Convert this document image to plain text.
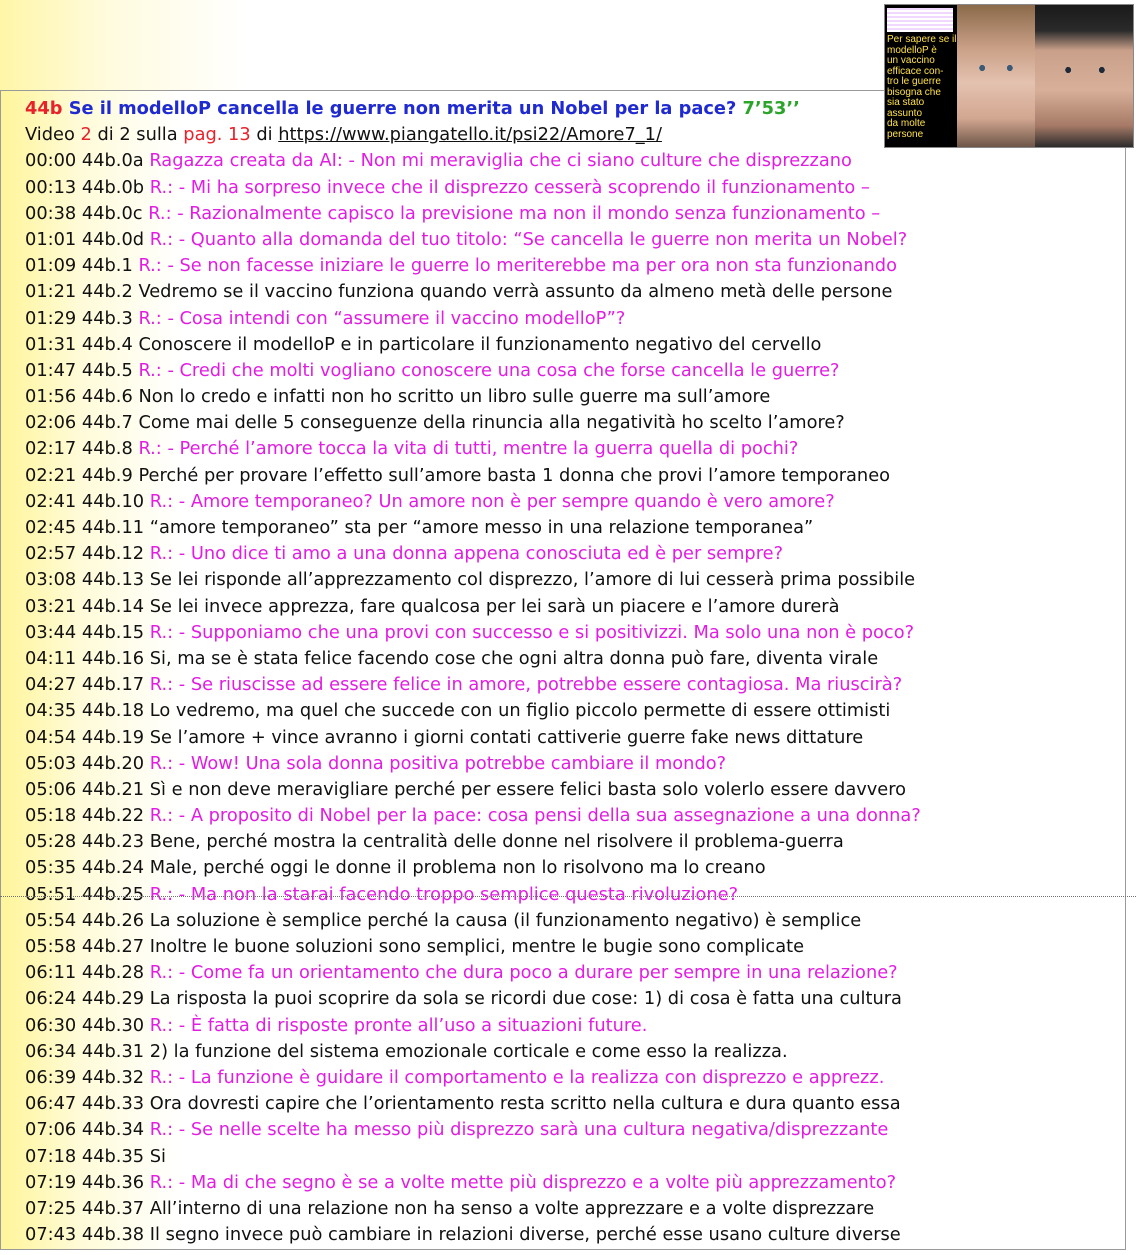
Per sapere se il
modelloP è
un vaccino
efficace con-
tro le guerre
bisogna che
sia stato
assunto
da molte
persone
44b Se il modelloP cancella le guerre non merita un Nobel per la pace? 7’53’’
Video 2 di 2 sulla pag. 13 di https://www.piangatello.it/psi22/Amore7_1/
00:00 44b.0a Ragazza creata da AI: - Non mi meraviglia che ci siano culture che disprezzano
00:13 44b.0b R.: - Mi ha sorpreso invece che il disprezzo cesserà scoprendo il funzionamento –
00:38 44b.0c R.: - Razionalmente capisco la previsione ma non il mondo senza funzionamento –
01:01 44b.0d R.: - Quanto alla domanda del tuo titolo: “Se cancella le guerre non merita un Nobel?
01:09 44b.1 R.: - Se non facesse iniziare le guerre lo meriterebbe ma per ora non sta funzionando
01:21 44b.2 Vedremo se il vaccino funziona quando verrà assunto da almeno metà delle persone
01:29 44b.3 R.: - Cosa intendi con “assumere il vaccino modelloP”?
01:31 44b.4 Conoscere il modelloP e in particolare il funzionamento negativo del cervello
01:47 44b.5 R.: - Credi che molti vogliano conoscere una cosa che forse cancella le guerre?
01:56 44b.6 Non lo credo e infatti non ho scritto un libro sulle guerre ma sull’amore
02:06 44b.7 Come mai delle 5 conseguenze della rinuncia alla negatività ho scelto l’amore?
02:17 44b.8 R.: - Perché l’amore tocca la vita di tutti, mentre la guerra quella di pochi?
02:21 44b.9 Perché per provare l’effetto sull’amore basta 1 donna che provi l’amore temporaneo
02:41 44b.10 R.: - Amore temporaneo? Un amore non è per sempre quando è vero amore?
02:45 44b.11 “amore temporaneo” sta per “amore messo in una relazione temporanea”
02:57 44b.12 R.: - Uno dice ti amo a una donna appena conosciuta ed è per sempre?
03:08 44b.13 Se lei risponde all’apprezzamento col disprezzo, l’amore di lui cesserà prima possibile
03:21 44b.14 Se lei invece apprezza, fare qualcosa per lei sarà un piacere e l’amore durerà
03:44 44b.15 R.: - Supponiamo che una provi con successo e si positivizzi. Ma solo una non è poco?
04:11 44b.16 Si, ma se è stata felice facendo cose che ogni altra donna può fare, diventa virale
04:27 44b.17 R.: - Se riuscisse ad essere felice in amore, potrebbe essere contagiosa. Ma riuscirà?
04:35 44b.18 Lo vedremo, ma quel che succede con un figlio piccolo permette di essere ottimisti
04:54 44b.19 Se l’amore + vince avranno i giorni contati cattiverie guerre fake news dittature
05:03 44b.20 R.: - Wow! Una sola donna positiva potrebbe cambiare il mondo?
05:06 44b.21 Sì e non deve meravigliare perché per essere felici basta solo volerlo essere davvero
05:18 44b.22 R.: - A proposito di Nobel per la pace: cosa pensi della sua assegnazione a una donna?
05:28 44b.23 Bene, perché mostra la centralità delle donne nel risolvere il problema-guerra
05:35 44b.24 Male, perché oggi le donne il problema non lo risolvono ma lo creano
05:51 44b.25 R.: - Ma non la starai facendo troppo semplice questa rivoluzione?
05:54 44b.26 La soluzione è semplice perché la causa (il funzionamento negativo) è semplice
05:58 44b.27 Inoltre le buone soluzioni sono semplici, mentre le bugie sono complicate
06:11 44b.28 R.: - Come fa un orientamento che dura poco a durare per sempre in una relazione?
06:24 44b.29 La risposta la puoi scoprire da sola se ricordi due cose: 1) di cosa è fatta una cultura
06:30 44b.30 R.: - È fatta di risposte pronte all’uso a situazioni future.
06:34 44b.31 2) la funzione del sistema emozionale corticale e come esso la realizza.
06:39 44b.32 R.: - La funzione è guidare il comportamento e la realizza con disprezzo e apprezz.
06:47 44b.33 Ora dovresti capire che l’orientamento resta scritto nella cultura e dura quanto essa
07:06 44b.34 R.: - Se nelle scelte ha messo più disprezzo sarà una cultura negativa/disprezzante
07:18 44b.35 Si
07:19 44b.36 R.: - Ma di che segno è se a volte mette più disprezzo e a volte più apprezzamento?
07:25 44b.37 All’interno di una relazione non ha senso a volte apprezzare e a volte disprezzare
07:43 44b.38 Il segno invece può cambiare in relazioni diverse, perché esse usano culture diverse
